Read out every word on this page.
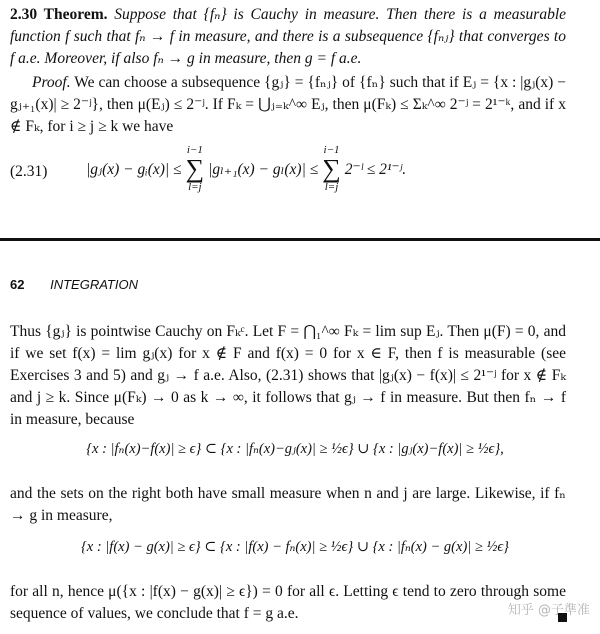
2.30 Theorem. Suppose that {fₙ} is Cauchy in measure. Then there is a measurable function f such that fₙ → f in measure, and there is a subsequence {fₙⱼ} that converges to f a.e. Moreover, if also fₙ → g in measure, then g = f a.e.
Proof. We can choose a subsequence {gⱼ} = {fₙⱼ} of {fₙ} such that if Eⱼ = {x : |gⱼ(x) − gⱼ₊₁(x)| ≥ 2⁻ʲ}, then μ(Eⱼ) ≤ 2⁻ʲ. If Fₖ = ⋃ⱼ₌ₖ^∞ Eⱼ, then μ(Fₖ) ≤ Σₖ^∞ 2⁻ʲ = 2¹⁻ᵏ, and if x ∉ Fₖ, for i ≥ j ≥ k we have
(2.31) |gⱼ(x) − gᵢ(x)| ≤
i−1
∑
l=j
|gₗ₊₁(x) − gₗ(x)| ≤
i−1
∑
l=j
2⁻ˡ ≤ 2¹⁻ʲ.
62 INTEGRATION
Thus {gⱼ} is pointwise Cauchy on Fₖᶜ. Let F = ⋂₁^∞ Fₖ = lim sup Eⱼ. Then μ(F) = 0, and if we set f(x) = lim gⱼ(x) for x ∉ F and f(x) = 0 for x ∈ F, then f is measurable (see Exercises 3 and 5) and gⱼ → f a.e. Also, (2.31) shows that |gⱼ(x) − f(x)| ≤ 2¹⁻ʲ for x ∉ Fₖ and j ≥ k. Since μ(Fₖ) → 0 as k → ∞, it follows that gⱼ → f in measure. But then fₙ → f in measure, because
{x : |fₙ(x)−f(x)| ≥ ϵ} ⊂ {x : |fₙ(x)−gⱼ(x)| ≥ ½ϵ} ∪ {x : |gⱼ(x)−f(x)| ≥ ½ϵ},
and the sets on the right both have small measure when n and j are large. Likewise, if fₙ → g in measure,
{x : |f(x) − g(x)| ≥ ϵ} ⊂ {x : |f(x) − fₙ(x)| ≥ ½ϵ} ∪ {x : |fₙ(x) − g(x)| ≥ ½ϵ}
for all n, hence μ({x : |f(x) − g(x)| ≥ ϵ}) = 0 for all ϵ. Letting ϵ tend to zero through some sequence of values, we conclude that f = g a.e.	知乎 @子準准
